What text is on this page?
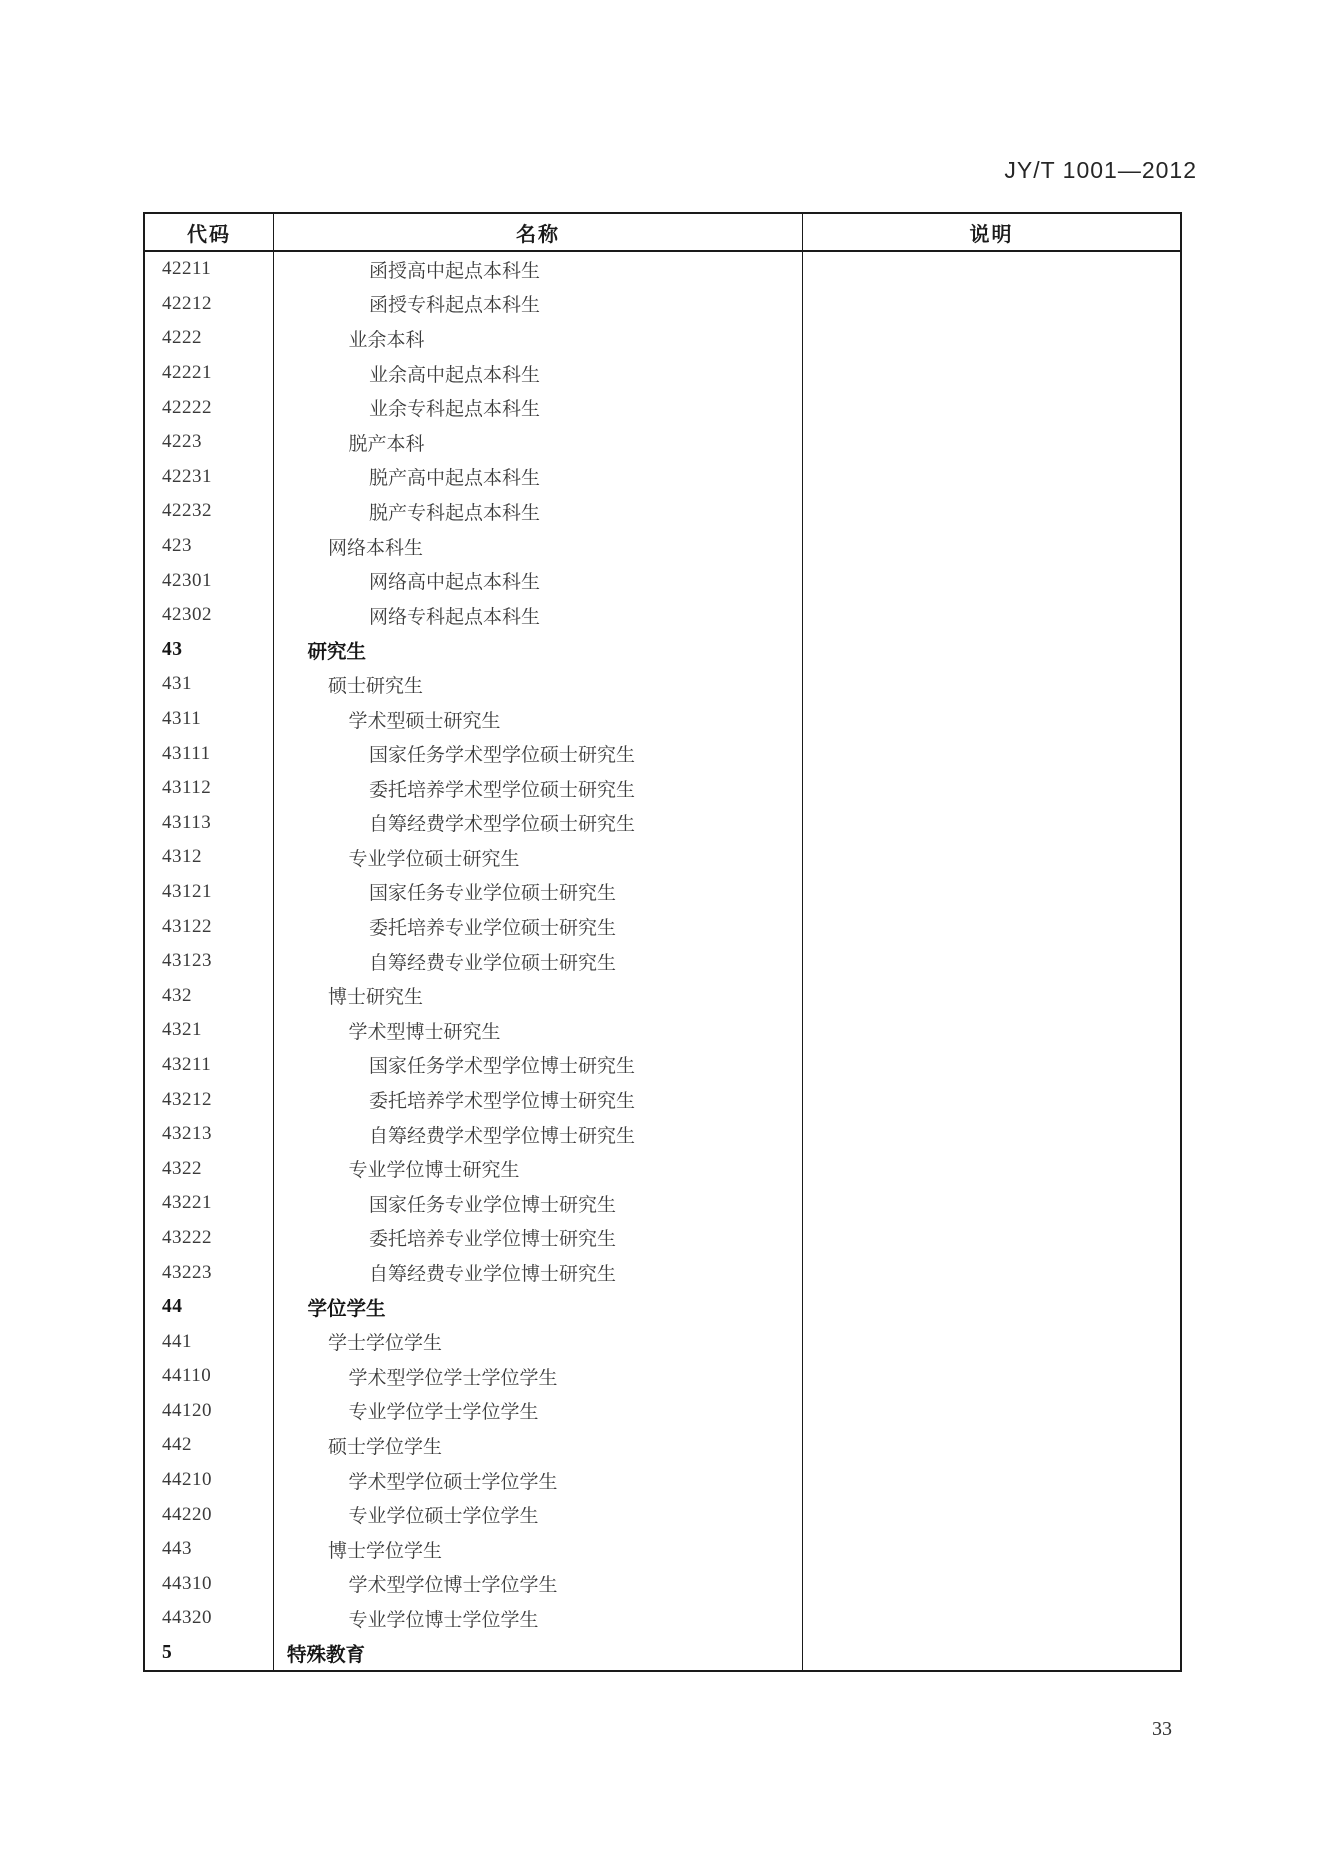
JY/T 1001—2012
代码	名称	说明
42211	函授高中起点本科生
42212	函授专科起点本科生
4222	业余本科
42221	业余高中起点本科生
42222	业余专科起点本科生
4223	脱产本科
42231	脱产高中起点本科生
42232	脱产专科起点本科生
423	网络本科生
42301	网络高中起点本科生
42302	网络专科起点本科生
43	研究生
431	硕士研究生
4311	学术型硕士研究生
43111	国家任务学术型学位硕士研究生
43112	委托培养学术型学位硕士研究生
43113	自筹经费学术型学位硕士研究生
4312	专业学位硕士研究生
43121	国家任务专业学位硕士研究生
43122	委托培养专业学位硕士研究生
43123	自筹经费专业学位硕士研究生
432	博士研究生
4321	学术型博士研究生
43211	国家任务学术型学位博士研究生
43212	委托培养学术型学位博士研究生
43213	自筹经费学术型学位博士研究生
4322	专业学位博士研究生
43221	国家任务专业学位博士研究生
43222	委托培养专业学位博士研究生
43223	自筹经费专业学位博士研究生
44	学位学生
441	学士学位学生
44110	学术型学位学士学位学生
44120	专业学位学士学位学生
442	硕士学位学生
44210	学术型学位硕士学位学生
44220	专业学位硕士学位学生
443	博士学位学生
44310	学术型学位博士学位学生
44320	专业学位博士学位学生
5	特殊教育
33
